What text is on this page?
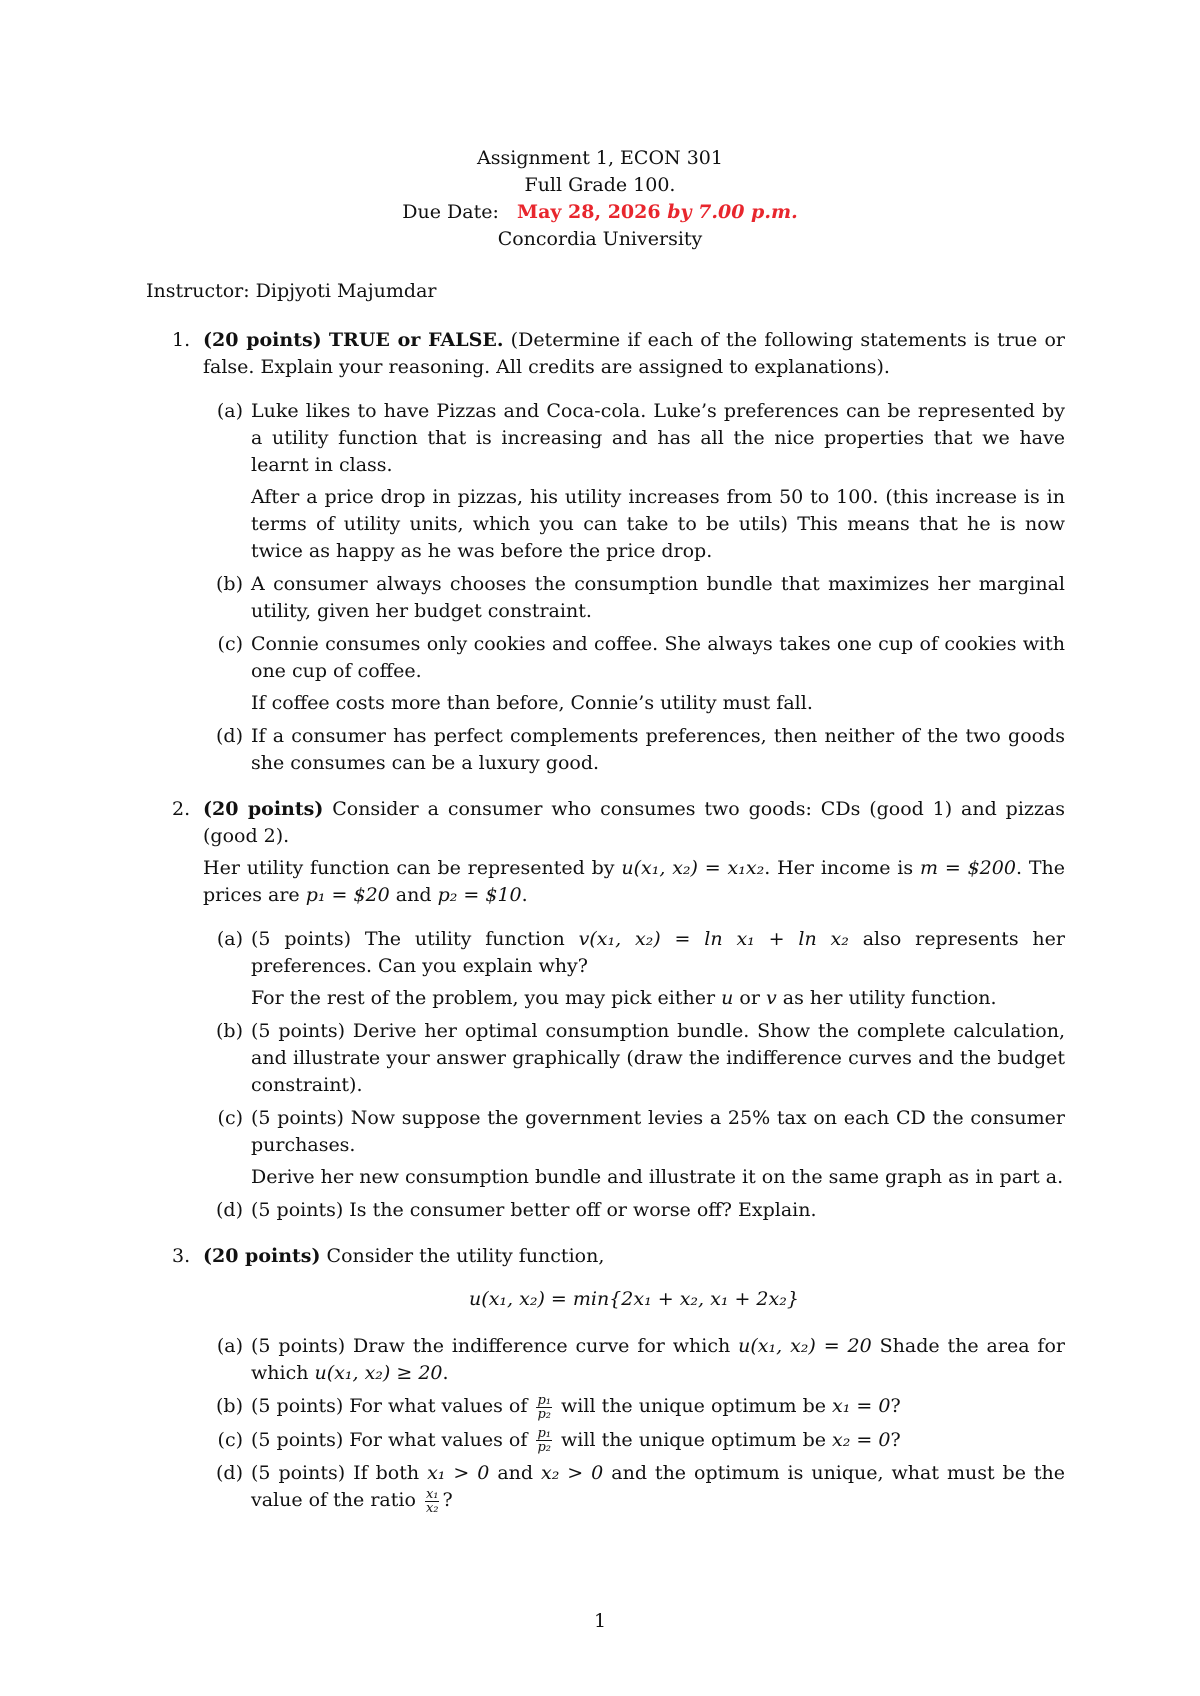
Assignment 1, ECON 301
Full Grade 100.
Due Date: May 28, 2026 by 7.00 p.m.
Concordia University
Instructor: Dipjyoti Majumdar
1. (20 points) TRUE or FALSE. (Determine if each of the following statements is true or false. Explain your reasoning. All credits are assigned to explanations).
(a) Luke likes to have Pizzas and Coca-cola. Luke’s preferences can be represented by a utility function that is increasing and has all the nice properties that we have learnt in class.
After a price drop in pizzas, his utility increases from 50 to 100. (this increase is in terms of utility units, which you can take to be utils) This means that he is now twice as happy as he was before the price drop.
(b) A consumer always chooses the consumption bundle that maximizes her marginal utility, given her budget constraint.
(c) Connie consumes only cookies and coffee. She always takes one cup of cookies with one cup of coffee.
If coffee costs more than before, Connie’s utility must fall.
(d) If a consumer has perfect complements preferences, then neither of the two goods she consumes can be a luxury good.
2. (20 points) Consider a consumer who consumes two goods: CDs (good 1) and pizzas (good 2).
Her utility function can be represented by u(x₁, x₂) = x₁x₂. Her income is m = $200. The prices are p₁ = $20 and p₂ = $10.
(a) (5 points) The utility function v(x₁, x₂) = ln x₁ + ln x₂ also represents her preferences. Can you explain why?
For the rest of the problem, you may pick either u or v as her utility function.
(b) (5 points) Derive her optimal consumption bundle. Show the complete calculation, and illustrate your answer graphically (draw the indifference curves and the budget constraint).
(c) (5 points) Now suppose the government levies a 25% tax on each CD the consumer purchases.
Derive her new consumption bundle and illustrate it on the same graph as in part a.
(d) (5 points) Is the consumer better off or worse off? Explain.
3. (20 points) Consider the utility function,
u(x₁, x₂) = min{2x₁ + x₂, x₁ + 2x₂}
(a) (5 points) Draw the indifference curve for which u(x₁, x₂) = 20 Shade the area for which u(x₁, x₂) ≥ 20.
(b) (5 points) For what values of $\frac{\text{p₁}}{\text{p₂}}$ will the unique optimum be x₁ = 0?
(c) (5 points) For what values of $\frac{\text{p₁}}{\text{p₂}}$ will the unique optimum be x₂ = 0?
(d) (5 points) If both x₁ > 0 and x₂ > 0 and the optimum is unique, what must be the value of the ratio $\frac{\text{x₁}}{\text{x₂}}$ ?
1
